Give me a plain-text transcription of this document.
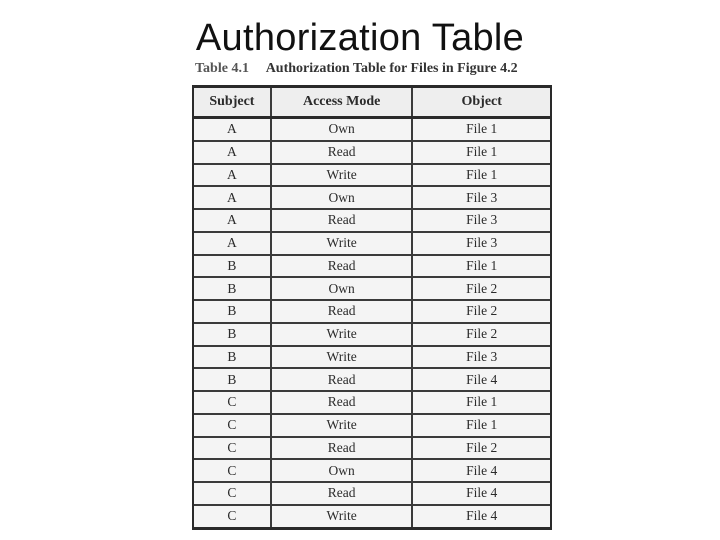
Authorization Table
Table 4.1 Authorization Table for Files in Figure 4.2
Subject	Access Mode	Object
A	Own	File 1
A	Read	File 1
A	Write	File 1
A	Own	File 3
A	Read	File 3
A	Write	File 3
B	Read	File 1
B	Own	File 2
B	Read	File 2
B	Write	File 2
B	Write	File 3
B	Read	File 4
C	Read	File 1
C	Write	File 1
C	Read	File 2
C	Own	File 4
C	Read	File 4
C	Write	File 4
